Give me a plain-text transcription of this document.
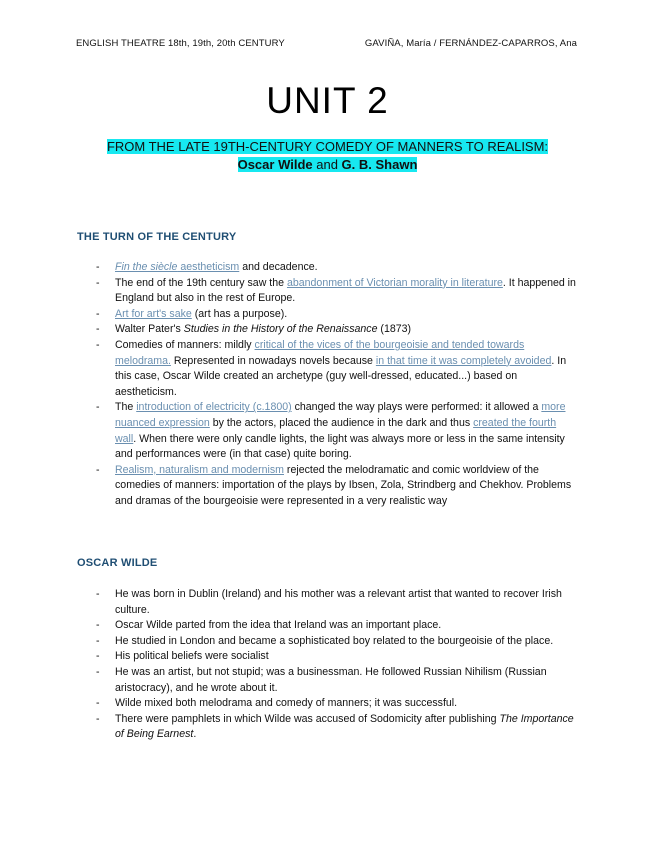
ENGLISH THEATRE 18th, 19th, 20th CENTURY	GAVIÑA, María / FERNÁNDEZ-CAPARROS, Ana
UNIT 2
FROM THE LATE 19TH-CENTURY COMEDY OF MANNERS TO REALISM:
Oscar Wilde and G. B. Shawn
THE TURN OF THE CENTURY
- Fin the siècle aestheticism and decadence.
- The end of the 19th century saw the abandonment of Victorian morality in literature. It happened in England but also in the rest of Europe.
- Art for art's sake (art has a purpose).
- Walter Pater's Studies in the History of the Renaissance (1873)
- Comedies of manners: mildly critical of the vices of the bourgeoisie and tended towards melodrama. Represented in nowadays novels because in that time it was completely avoided. In this case, Oscar Wilde created an archetype (guy well-dressed, educated...) based on aestheticism.
- The introduction of electricity (c.1800) changed the way plays were performed: it allowed a more nuanced expression by the actors, placed the audience in the dark and thus created the fourth wall. When there were only candle lights, the light was always more or less in the same intensity and performances were (in that case) quite boring.
- Realism, naturalism and modernism rejected the melodramatic and comic worldview of the comedies of manners: importation of the plays by Ibsen, Zola, Strindberg and Chekhov. Problems and dramas of the bourgeoisie were represented in a very realistic way
OSCAR WILDE
- He was born in Dublin (Ireland) and his mother was a relevant artist that wanted to recover Irish culture.
- Oscar Wilde parted from the idea that Ireland was an important place.
- He studied in London and became a sophisticated boy related to the bourgeoisie of the place.
- His political beliefs were socialist
- He was an artist, but not stupid; was a businessman. He followed Russian Nihilism (Russian aristocracy), and he wrote about it.
- Wilde mixed both melodrama and comedy of manners; it was successful.
- There were pamphlets in which Wilde was accused of Sodomicity after publishing The Importance of Being Earnest.
